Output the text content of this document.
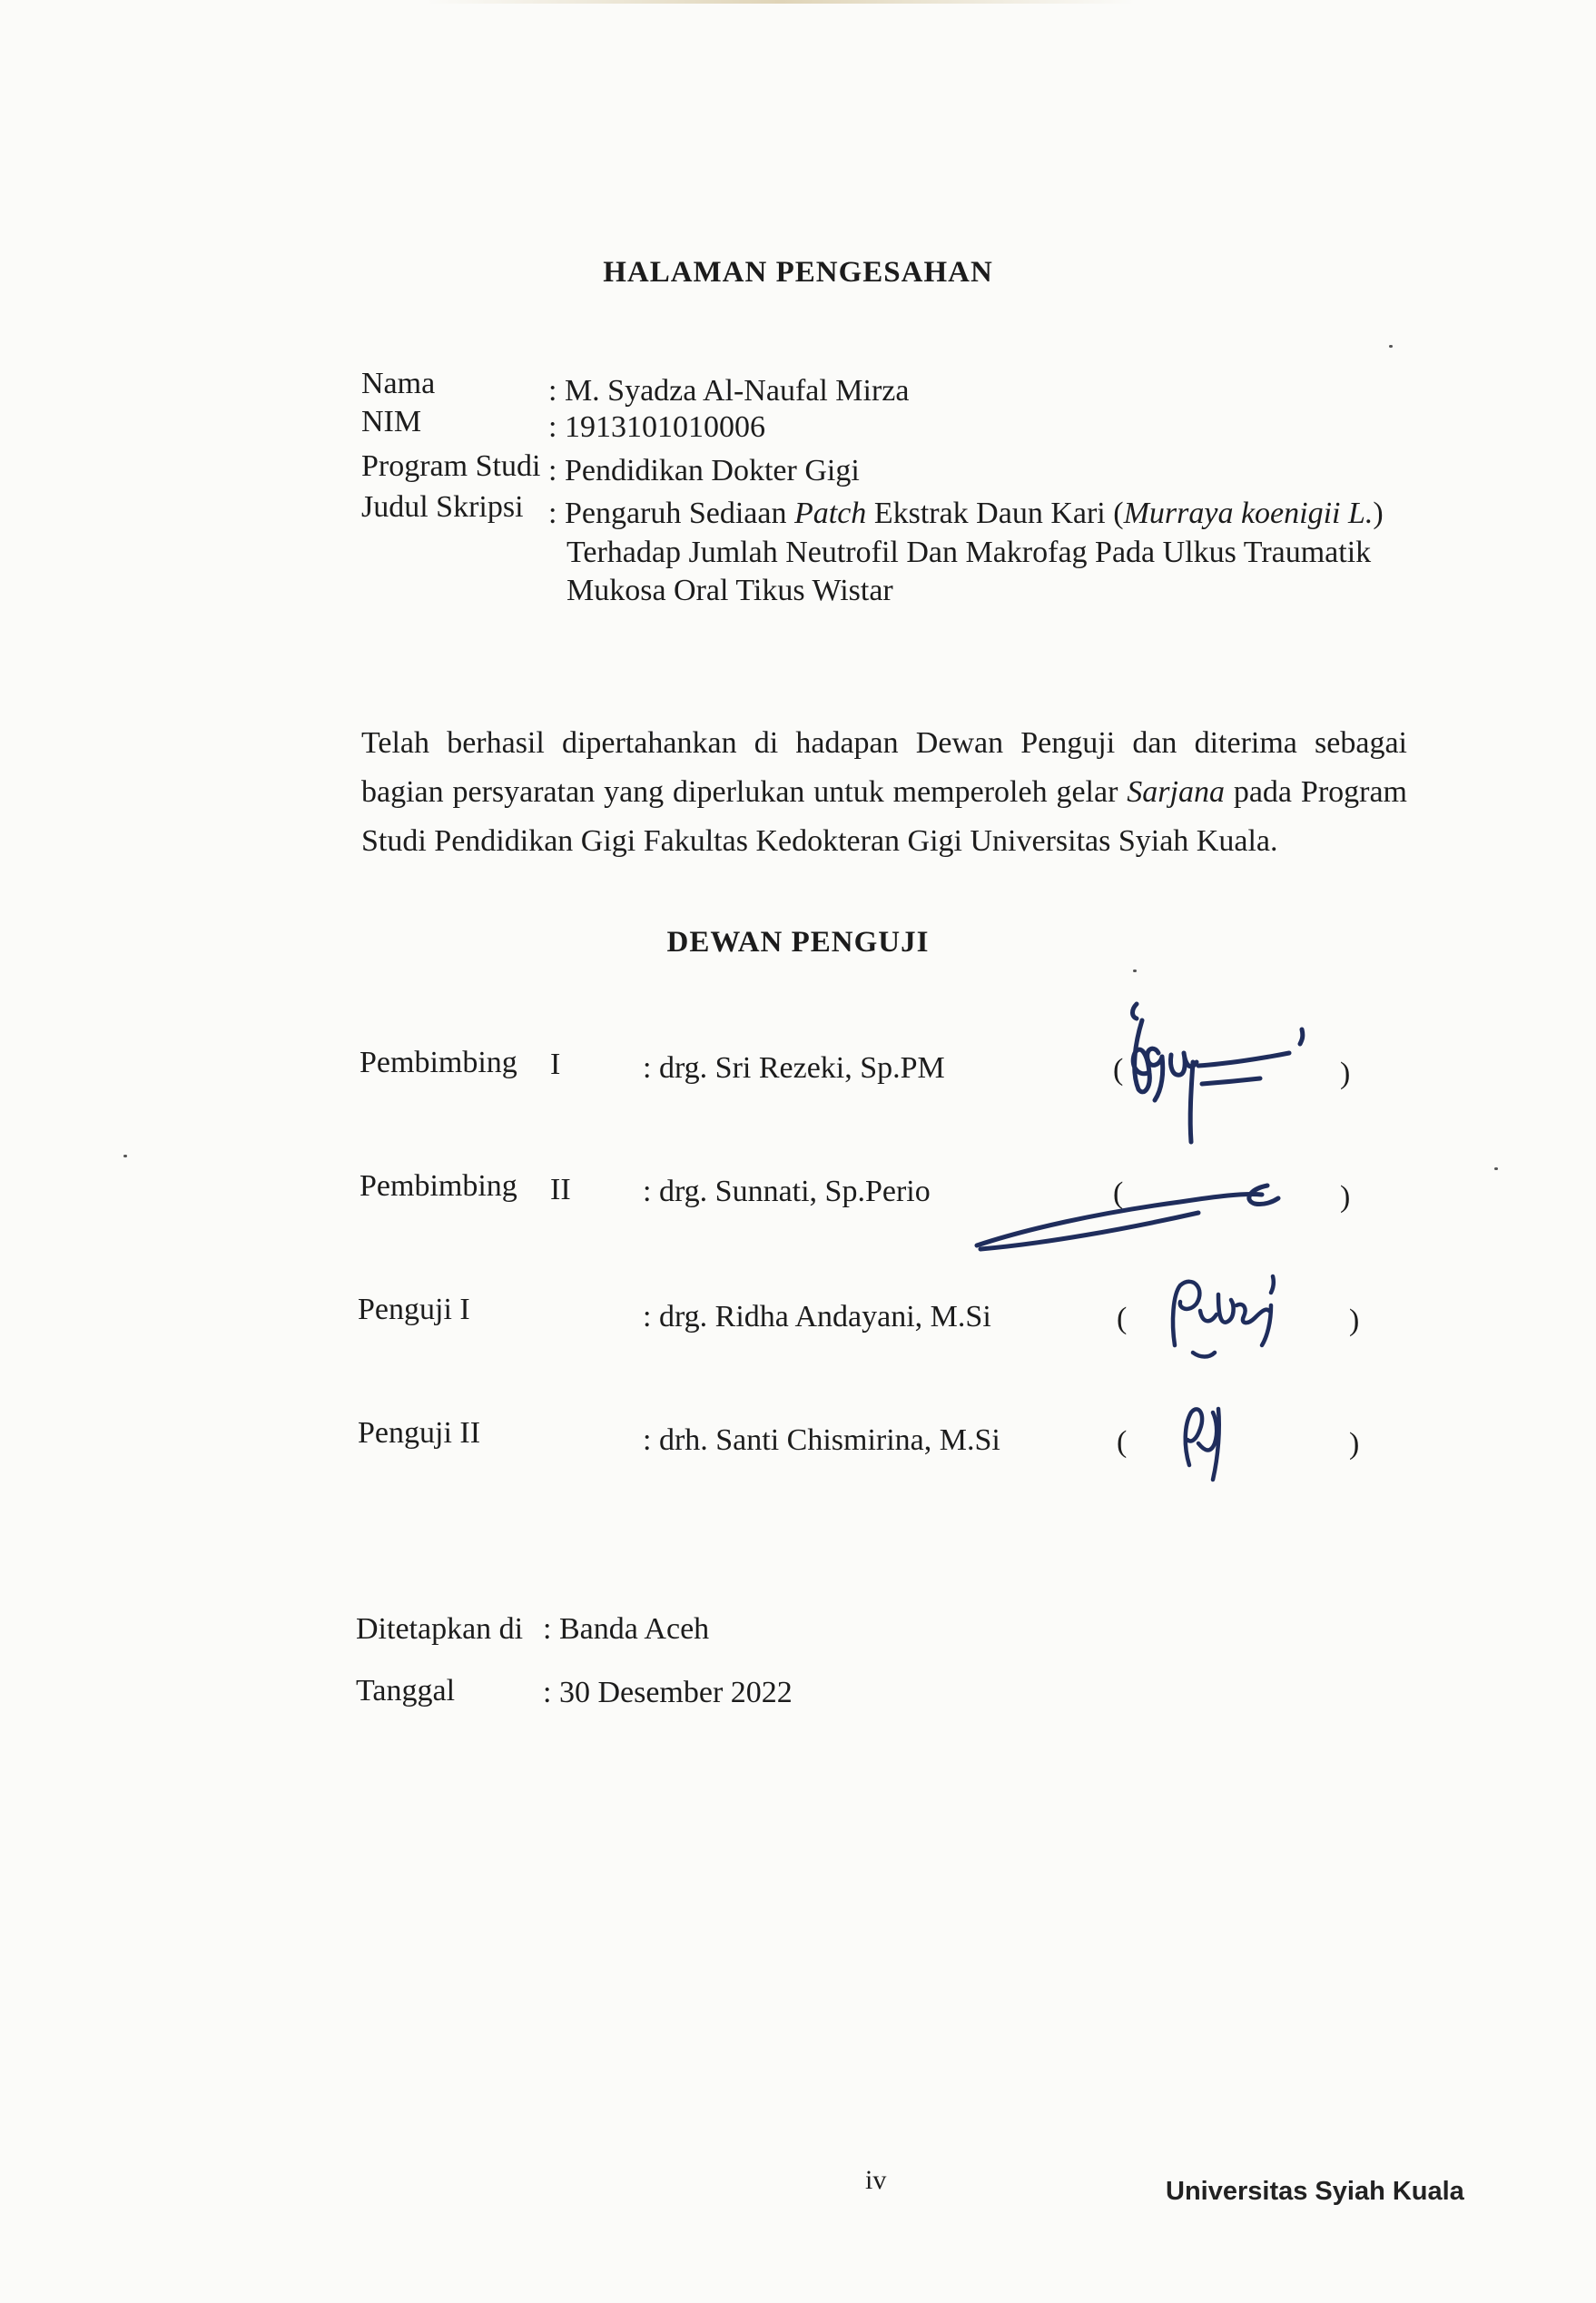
HALAMAN PENGESAHAN
Nama	: M. Syadza Al-Naufal Mirza
NIM	: 1913101010006
Program Studi : Pendidikan Dokter Gigi
Judul Skripsi : Pengaruh Sediaan Patch Ekstrak Daun Kari (Murraya koenigii L.)
Terhadap Jumlah Neutrofil Dan Makrofag Pada Ulkus Traumatik
Mukosa Oral Tikus Wistar
Telah berhasil dipertahankan di hadapan Dewan Penguji dan diterima sebagai
bagian persyaratan yang diperlukan untuk memperoleh gelar Sarjana pada Program
Studi Pendidikan Gigi Fakultas Kedokteran Gigi Universitas Syiah Kuala.
DEWAN PENGUJI
Pembimbing I	: drg. Sri Rezeki, Sp.PM	(	)
Pembimbing II : drg. Sunnati, Sp.Perio	(	)
Penguji I	: drg. Ridha Andayani, M.Si	(	)
Penguji II	: drh. Santi Chismirina, M.Si	(	)
Ditetapkan di : Banda Aceh
Tanggal	: 30 Desember 2022
iv	Universitas Syiah Kuala
